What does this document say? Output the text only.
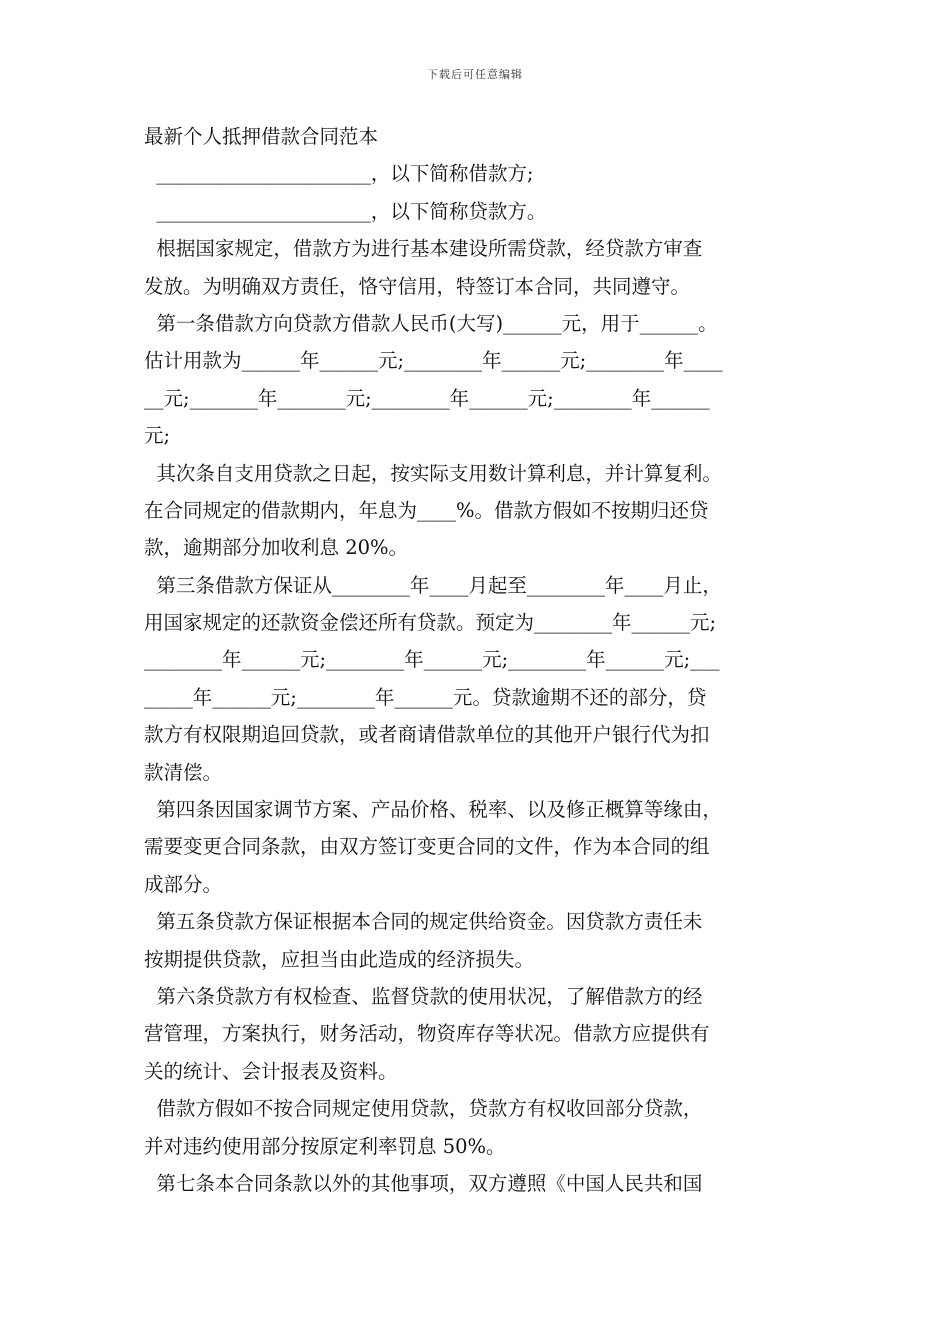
下载后可任意编辑
最新个人抵押借款合同范本
______________________，以下简称借款方;
______________________，以下简称贷款方。
根据国家规定，借款方为进行基本建设所需贷款，经贷款方审查
发放。为明确双方责任，恪守信用，特签订本合同，共同遵守。
第一条借款方向贷款方借款人民币(大写)______元，用于______。
估计用款为______年______元;________年______元;________年____
__元;_______年_______元;________年______元;________年______
元;
其次条自支用贷款之日起，按实际支用数计算利息，并计算复利。
在合同规定的借款期内，年息为____%。借款方假如不按期归还贷
款，逾期部分加收利息 20%。
第三条借款方保证从________年____月起至________年____月止，
用国家规定的还款资金偿还所有贷款。预定为________年______元;
________年______元;________年______元;________年______元;___
_____年______元;________年______元。贷款逾期不还的部分，贷
款方有权限期追回贷款，或者商请借款单位的其他开户银行代为扣
款清偿。
第四条因国家调节方案、产品价格、税率、以及修正概算等缘由，
需要变更合同条款，由双方签订变更合同的文件，作为本合同的组
成部分。
第五条贷款方保证根据本合同的规定供给资金。因贷款方责任未
按期提供贷款，应担当由此造成的经济损失。
第六条贷款方有权检查、监督贷款的使用状况，了解借款方的经
营管理，方案执行，财务活动，物资库存等状况。借款方应提供有
关的统计、会计报表及资料。
借款方假如不按合同规定使用贷款，贷款方有权收回部分贷款，
并对违约使用部分按原定利率罚息 50%。
第七条本合同条款以外的其他事项，双方遵照《中国人民共和国
